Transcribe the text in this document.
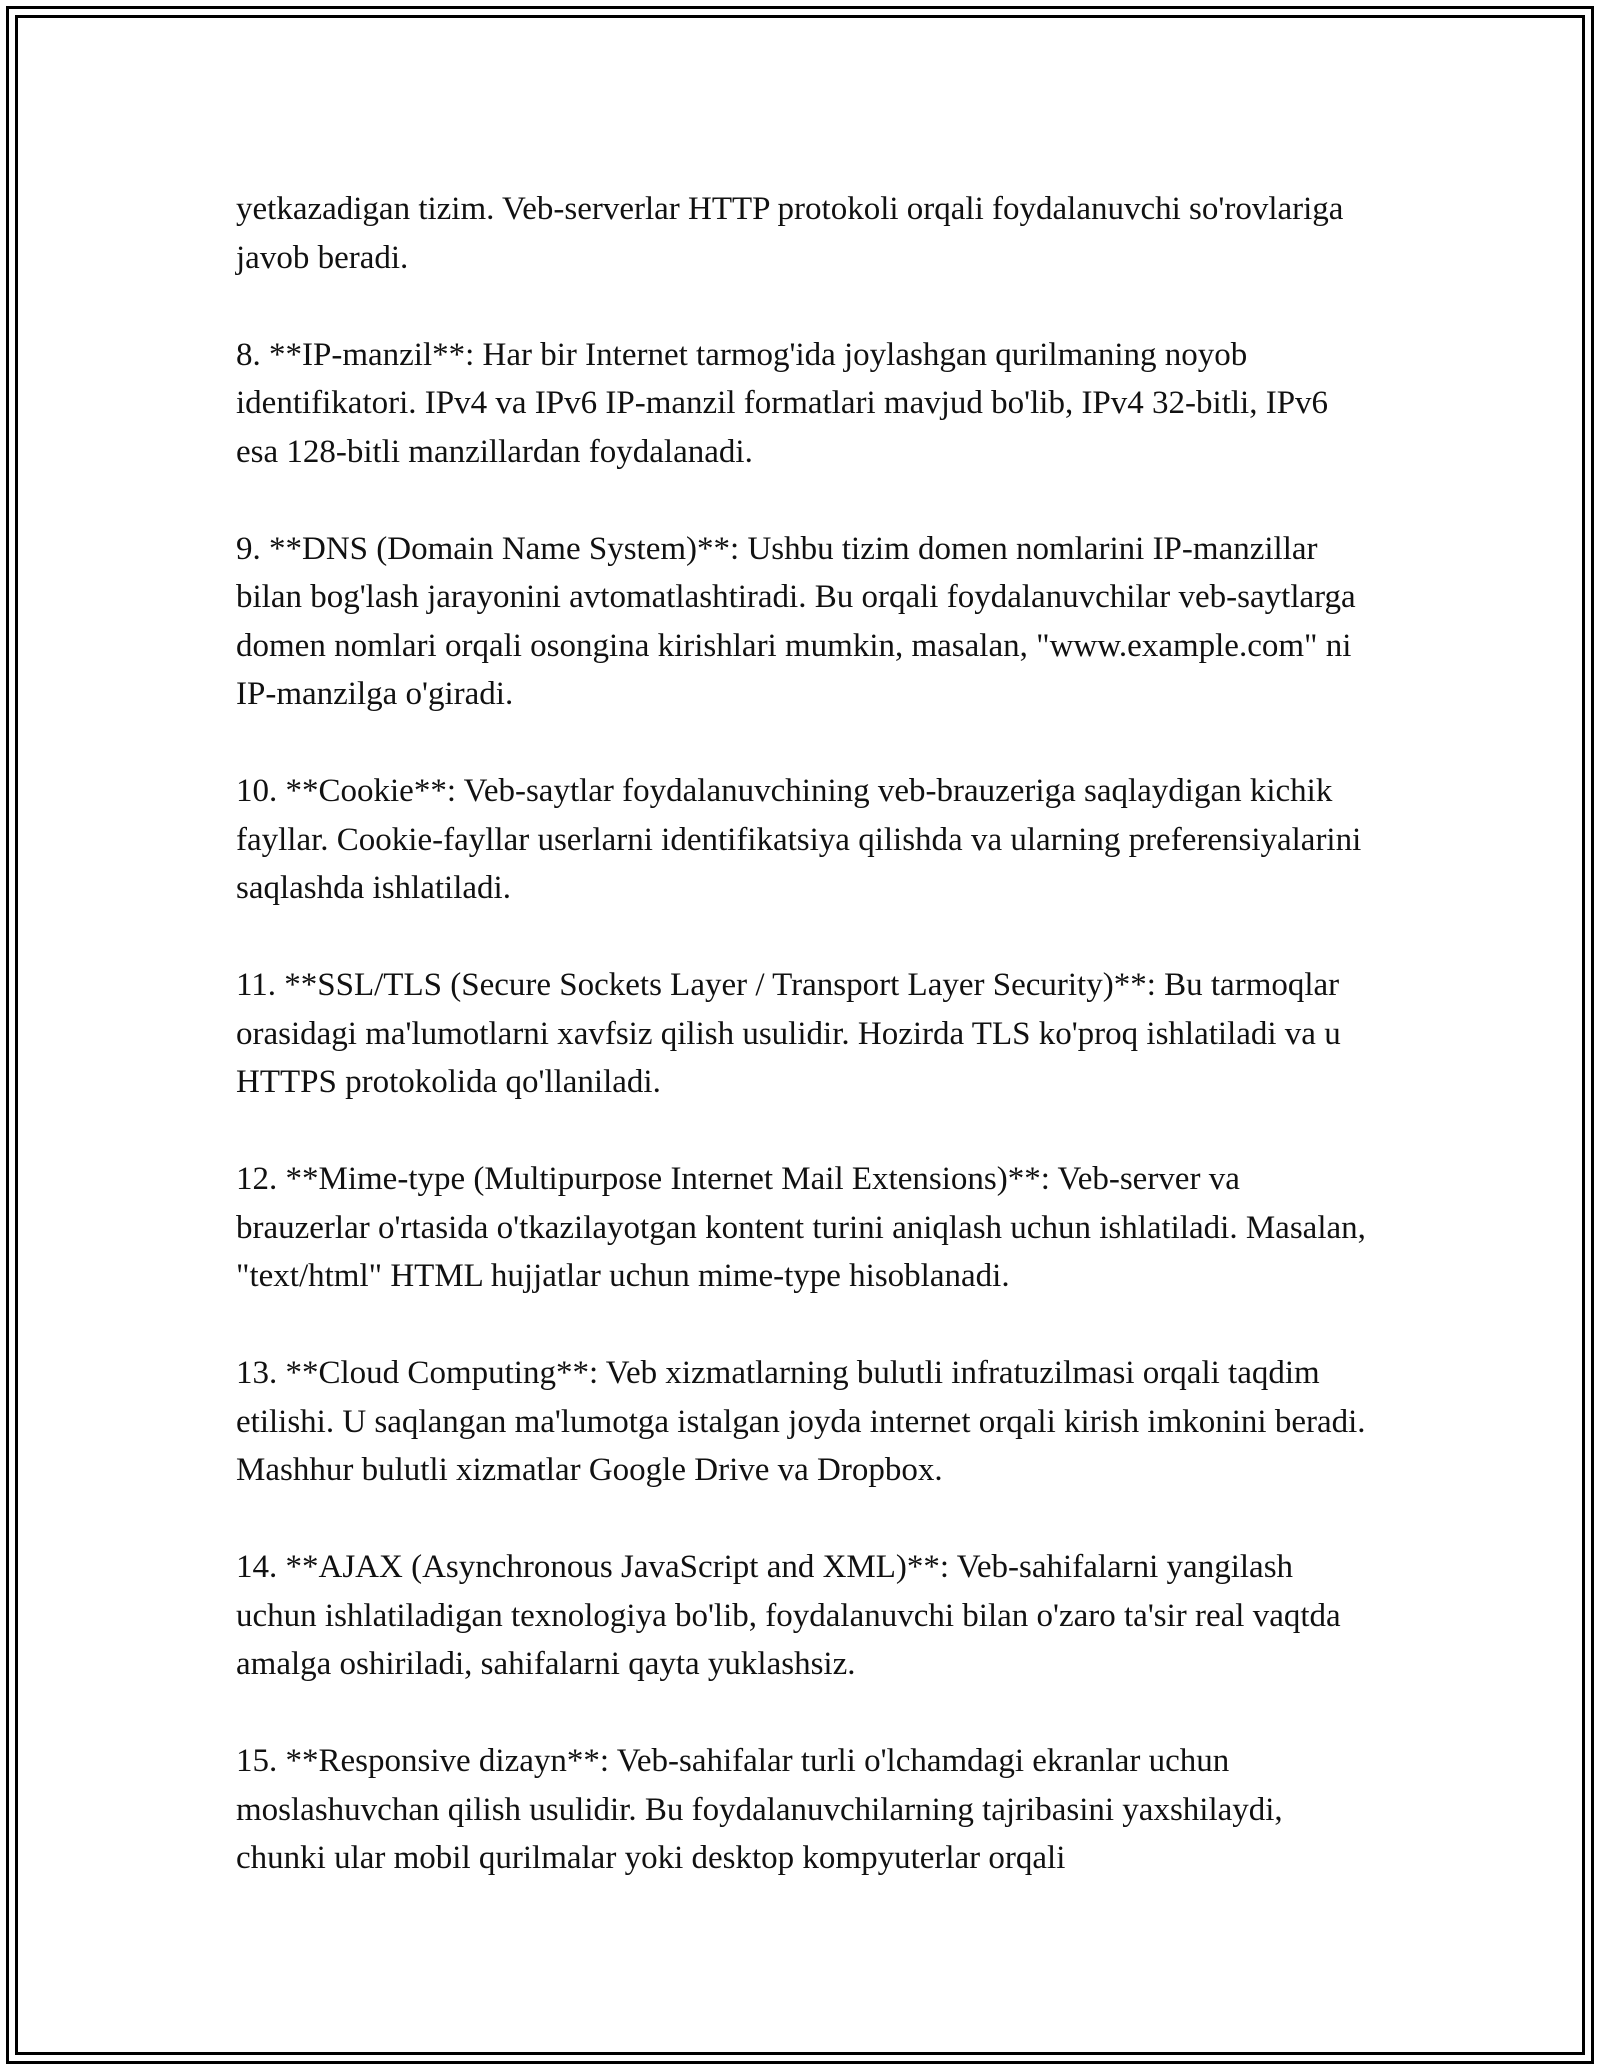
yetkazadigan tizim. Veb-serverlar HTTP protokoli orqali foydalanuvchi so'rovlariga javob beradi.

8. **IP-manzil**: Har bir Internet tarmog'ida joylashgan qurilmaning noyob identifikatori. IPv4 va IPv6 IP-manzil formatlari mavjud bo'lib, IPv4 32-bitli, IPv6 esa 128-bitli manzillardan foydalanadi.

9. **DNS (Domain Name System)**: Ushbu tizim domen nomlarini IP-manzillar bilan bog'lash jarayonini avtomatlashtiradi. Bu orqali foydalanuvchilar veb-saytlarga domen nomlari orqali osongina kirishlari mumkin, masalan, "www.example.com" ni IP-manzilga o'giradi.

10. **Cookie**: Veb-saytlar foydalanuvchining veb-brauzeriga saqlaydigan kichik fayllar. Cookie-fayllar userlarni identifikatsiya qilishda va ularning preferensiyalarini saqlashda ishlatiladi.

11. **SSL/TLS (Secure Sockets Layer / Transport Layer Security)**: Bu tarmoqlar orasidagi ma'lumotlarni xavfsiz qilish usulidir. Hozirda TLS ko'proq ishlatiladi va u HTTPS protokolida qo'llaniladi.

12. **Mime-type (Multipurpose Internet Mail Extensions)**: Veb-server va brauzerlar o'rtasida o'tkazilayotgan kontent turini aniqlash uchun ishlatiladi. Masalan, "text/html" HTML hujjatlar uchun mime-type hisoblanadi.

13. **Cloud Computing**: Veb xizmatlarning bulutli infratuzilmasi orqali taqdim etilishi. U saqlangan ma'lumotga istalgan joyda internet orqali kirish imkonini beradi. Mashhur bulutli xizmatlar Google Drive va Dropbox.

14. **AJAX (Asynchronous JavaScript and XML)**: Veb-sahifalarni yangilash uchun ishlatiladigan texnologiya bo'lib, foydalanuvchi bilan o'zaro ta'sir real vaqtda amalga oshiriladi, sahifalarni qayta yuklashsiz.

15. **Responsive dizayn**: Veb-sahifalar turli o'lchamdagi ekranlar uchun moslashuvchan qilish usulidir. Bu foydalanuvchilarning tajribasini yaxshilaydi, chunki ular mobil qurilmalar yoki desktop kompyuterlar orqali
